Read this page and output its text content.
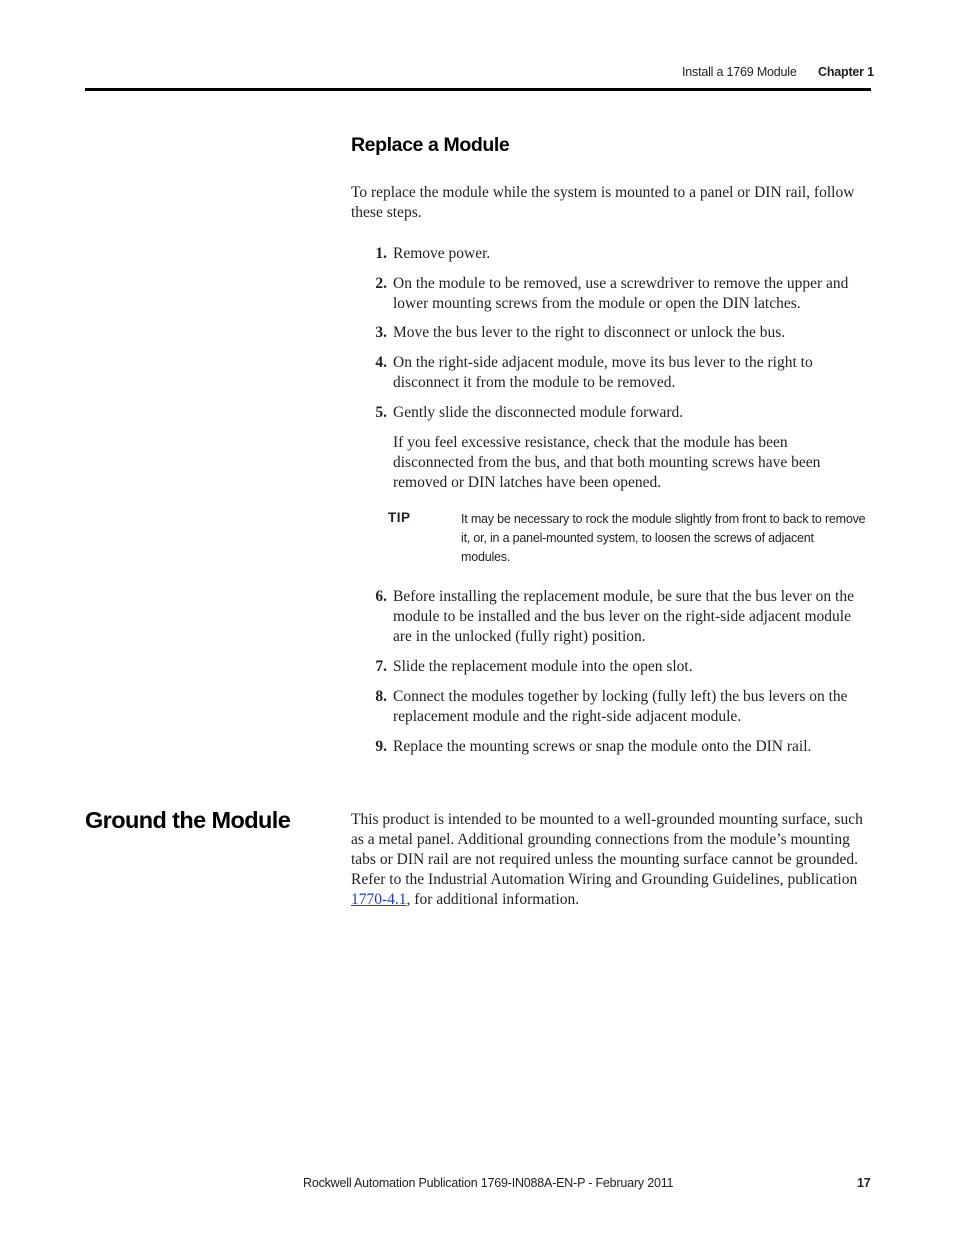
Install a 1769 Module Chapter 1
Replace a Module
To replace the module while the system is mounted to a panel or DIN rail, follow these steps.
1. Remove power.
2. On the module to be removed, use a screwdriver to remove the upper and lower mounting screws from the module or open the DIN latches.
3. Move the bus lever to the right to disconnect or unlock the bus.
4. On the right-side adjacent module, move its bus lever to the right to disconnect it from the module to be removed.
5. Gently slide the disconnected module forward.
If you feel excessive resistance, check that the module has been disconnected from the bus, and that both mounting screws have been removed or DIN latches have been opened.
6. Before installing the replacement module, be sure that the bus lever on the module to be installed and the bus lever on the right-side adjacent module are in the unlocked (fully right) position.
7. Slide the replacement module into the open slot.
8. Connect the modules together by locking (fully left) the bus levers on the replacement module and the right-side adjacent module.
9. Replace the mounting screws or snap the module onto the DIN rail.
TIP	It may be necessary to rock the module slightly from front to back to remove it, or, in a panel-mounted system, to loosen the screws of adjacent modules.
Ground the Module	This product is intended to be mounted to a well-grounded mounting surface, such as a metal panel. Additional grounding connections from the module’s mounting tabs or DIN rail are not required unless the mounting surface cannot be grounded. Refer to the Industrial Automation Wiring and Grounding Guidelines, publication 1770-4.1, for additional information.
Rockwell Automation Publication 1769-IN088A-EN-P - February 2011	17
